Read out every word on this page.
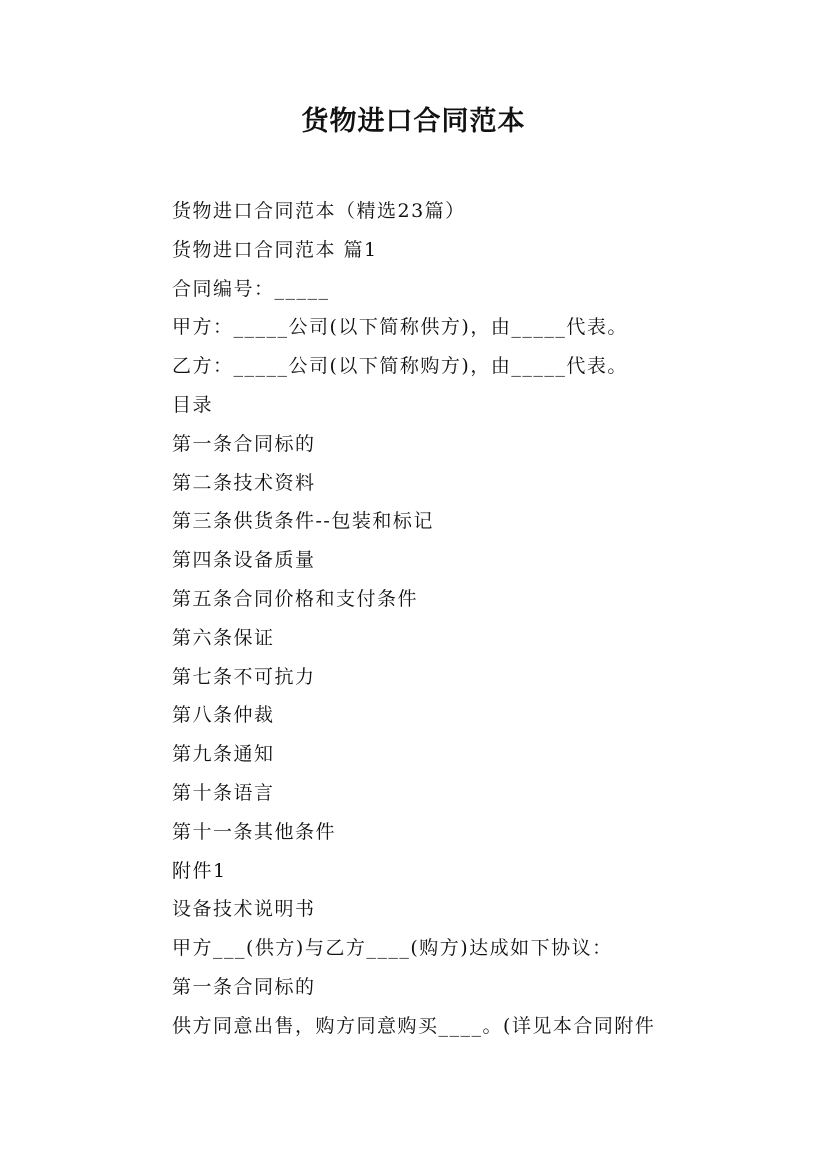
货物进口合同范本
货物进口合同范本（精选23篇）
货物进口合同范本 篇1
合同编号：_____
甲方：_____公司(以下简称供方)，由_____代表。
乙方：_____公司(以下简称购方)，由_____代表。
目录
第一条合同标的
第二条技术资料
第三条供货条件--包装和标记
第四条设备质量
第五条合同价格和支付条件
第六条保证
第七条不可抗力
第八条仲裁
第九条通知
第十条语言
第十一条其他条件
附件1
设备技术说明书
甲方___(供方)与乙方____(购方)达成如下协议：
第一条合同标的
供方同意出售，购方同意购买____。(详见本合同附件
